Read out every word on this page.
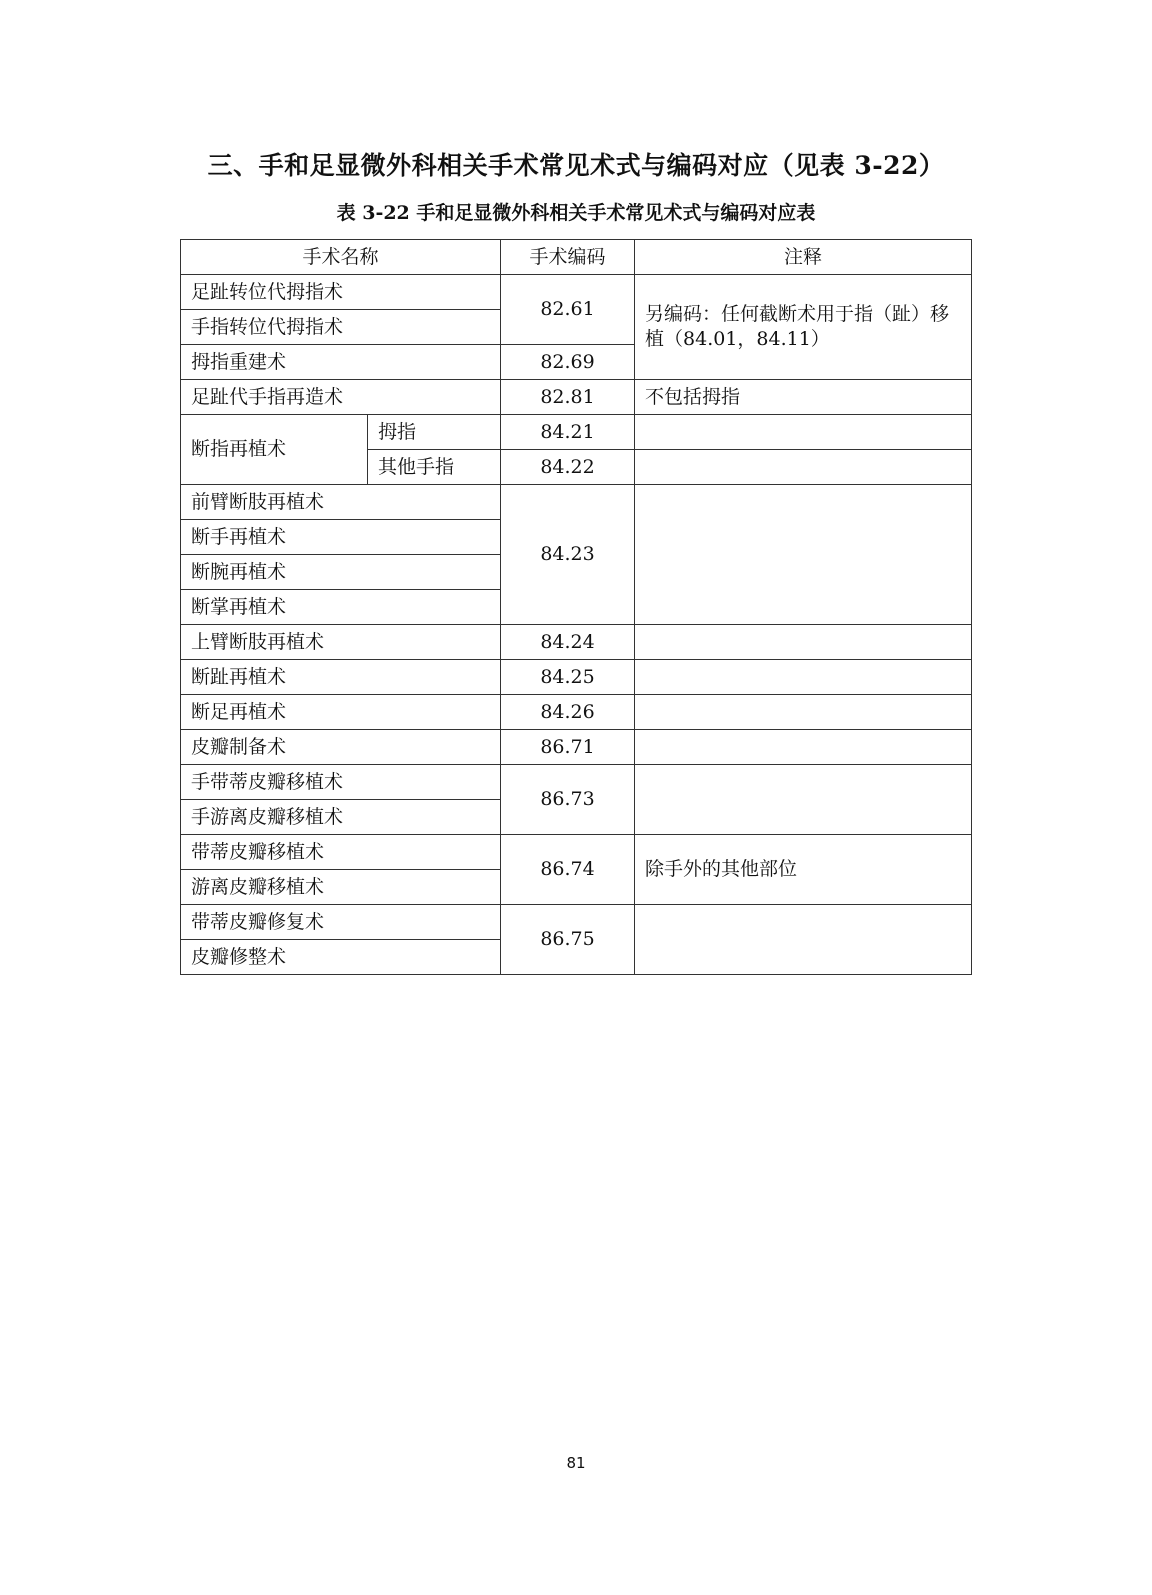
三、手和足显微外科相关手术常见术式与编码对应（见表 3-22）
表 3-22 手和足显微外科相关手术常见术式与编码对应表
手术名称		手术编码	注释
足趾转位代拇指术		82.61	另编码：任何截断术用于指（趾）移植（84.01，84.11）
手指转位代拇指术			
拇指重建术		82.69	
足趾代手指再造术		82.81	不包括拇指
断指再植术	拇指	84.21	
	其他手指	84.22	
前臂断肢再植术		84.23	
断手再植术			
断腕再植术			
断掌再植术			
上臂断肢再植术		84.24	
断趾再植术		84.25	
断足再植术		84.26	
皮瓣制备术		86.71	
手带蒂皮瓣移植术		86.73	
手游离皮瓣移植术			
带蒂皮瓣移植术		86.74	除手外的其他部位
游离皮瓣移植术			
带蒂皮瓣修复术		86.75	
皮瓣修整术			
81
